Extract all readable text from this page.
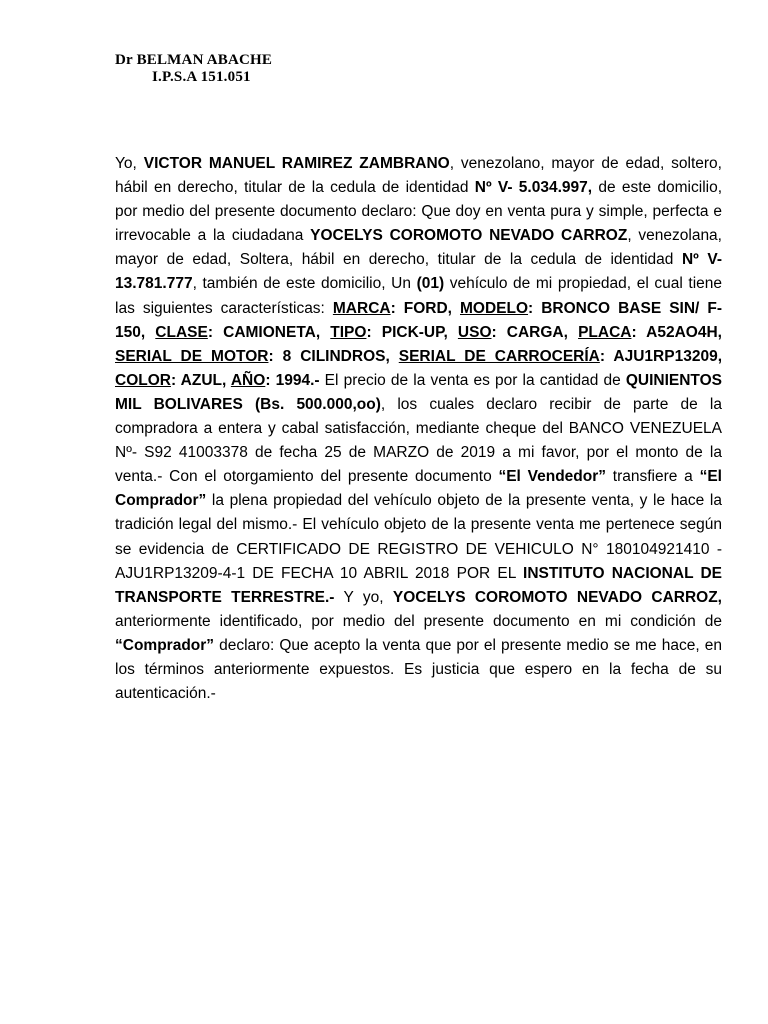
Dr BELMAN ABACHE
I.P.S.A 151.051
Yo, VICTOR MANUEL RAMIREZ ZAMBRANO, venezolano, mayor de edad, soltero, hábil en derecho, titular de la cedula de identidad Nº V- 5.034.997, de este domicilio, por medio del presente documento declaro: Que doy en venta pura y simple, perfecta e irrevocable a la ciudadana YOCELYS COROMOTO NEVADO CARROZ, venezolana, mayor de edad, Soltera, hábil en derecho, titular de la cedula de identidad Nº V- 13.781.777, también de este domicilio, Un (01) vehículo de mi propiedad, el cual tiene las siguientes características: MARCA: FORD, MODELO: BRONCO BASE SIN/ F-150, CLASE: CAMIONETA, TIPO: PICK-UP, USO: CARGA, PLACA: A52AO4H, SERIAL DE MOTOR: 8 CILINDROS, SERIAL DE CARROCERÍA: AJU1RP13209, COLOR: AZUL, AÑO: 1994.- El precio de la venta es por la cantidad de QUINIENTOS MIL BOLIVARES (Bs. 500.000,oo), los cuales declaro recibir de parte de la compradora a entera y cabal satisfacción, mediante cheque del BANCO VENEZUELA Nº- S92 41003378 de fecha 25 de MARZO de 2019 a mi favor, por el monto de la venta.- Con el otorgamiento del presente documento “El Vendedor” transfiere a “El Comprador” la plena propiedad del vehículo objeto de la presente venta, y le hace la tradición legal del mismo.- El vehículo objeto de la presente venta me pertenece según se evidencia de CERTIFICADO DE REGISTRO DE VEHICULO N° 180104921410 - AJU1RP13209-4-1 DE FECHA 10 ABRIL 2018 POR EL INSTITUTO NACIONAL DE TRANSPORTE TERRESTRE.- Y yo, YOCELYS COROMOTO NEVADO CARROZ, anteriormente identificado, por medio del presente documento en mi condición de “Comprador” declaro: Que acepto la venta que por el presente medio se me hace, en los términos anteriormente expuestos. Es justicia que espero en la fecha de su autenticación.-
